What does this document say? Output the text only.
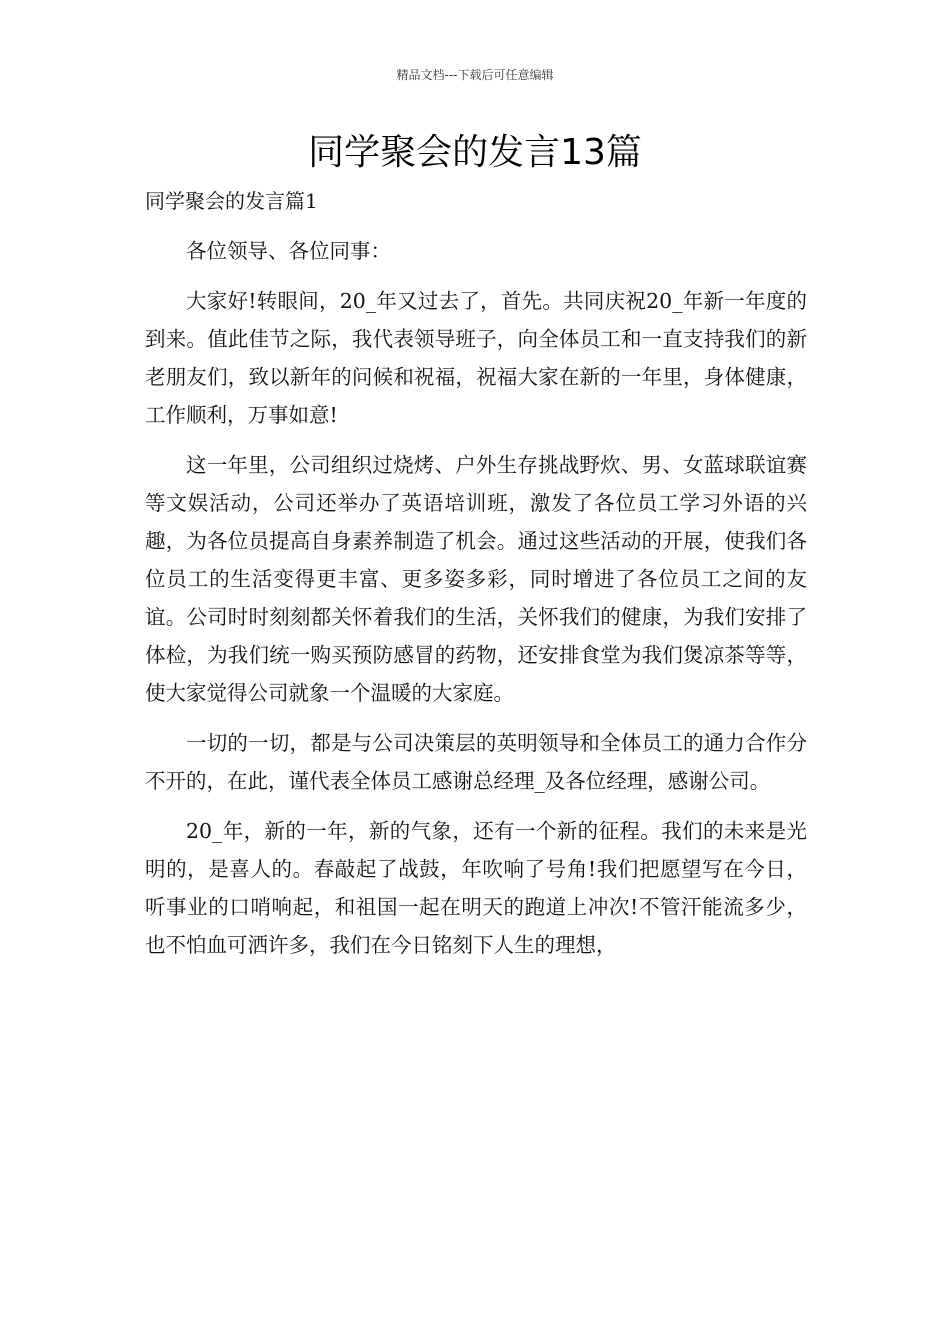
精品文档---下载后可任意编辑
同学聚会的发言13篇
同学聚会的发言篇1

各位领导、各位同事：

大家好!转眼间，20_年又过去了，首先。共同庆祝20_年新一年度的到来。值此佳节之际，我代表领导班子，向全体员工和一直支持我们的新老朋友们，致以新年的问候和祝福，祝福大家在新的一年里，身体健康，工作顺利，万事如意!

这一年里，公司组织过烧烤、户外生存挑战野炊、男、女蓝球联谊赛等文娱活动，公司还举办了英语培训班，激发了各位员工学习外语的兴趣，为各位员提高自身素养制造了机会。通过这些活动的开展，使我们各位员工的生活变得更丰富、更多姿多彩，同时增进了各位员工之间的友谊。公司时时刻刻都关怀着我们的生活，关怀我们的健康，为我们安排了体检，为我们统一购买预防感冒的药物，还安排食堂为我们煲凉茶等等，使大家觉得公司就象一个温暖的大家庭。

一切的一切，都是与公司决策层的英明领导和全体员工的通力合作分不开的，在此，谨代表全体员工感谢总经理_及各位经理，感谢公司。

20_年，新的一年，新的气象，还有一个新的征程。我们的未来是光明的，是喜人的。春敲起了战鼓，年吹响了号角!我们把愿望写在今日，听事业的口哨响起，和祖国一起在明天的跑道上冲次!不管汗能流多少，也不怕血可洒许多，我们在今日铭刻下人生的理想，
